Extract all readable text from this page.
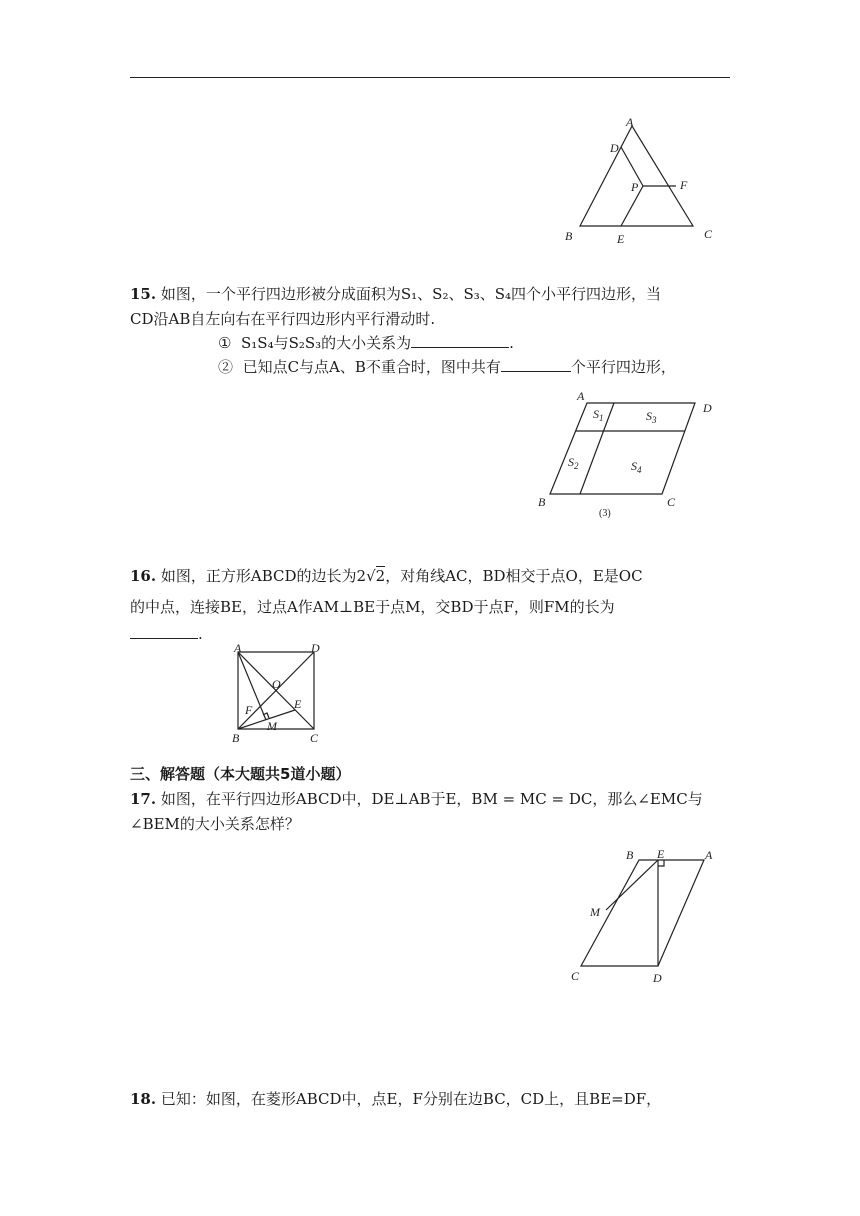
A
D
P	F
B	E	C
15. 如图，一个平行四边形被分成面积为S₁、S₂、S₃、S₄四个小平行四边形，当
CD沿AB自左向右在平行四边形内平行滑动时.
① S₁S₄与S₂S₃的大小关系为	.
② 已知点C与点A、B不重合时，图中共有	个平行四边形，
A
D
B	C
$S_1$	$S_3$
$S_2$	$S_4$
(3)
16. 如图，正方形ABCD的边长为2√2，对角线AC，BD相交于点O，E是OC
的中点，连接BE，过点A作AM⊥BE于点M，交BD于点F，则FM的长为
.
A	D
O
E
F
M
B	C
三、解答题（本大题共5道小题）
17. 如图，在平行四边形ABCD中，DE⊥AB于E，BM = MC = DC，那么∠EMC与
∠BEM的大小关系怎样？
B E	A
M
C	D
18. 已知：如图，在菱形ABCD中，点E，F分别在边BC，CD上，且BE=DF，
